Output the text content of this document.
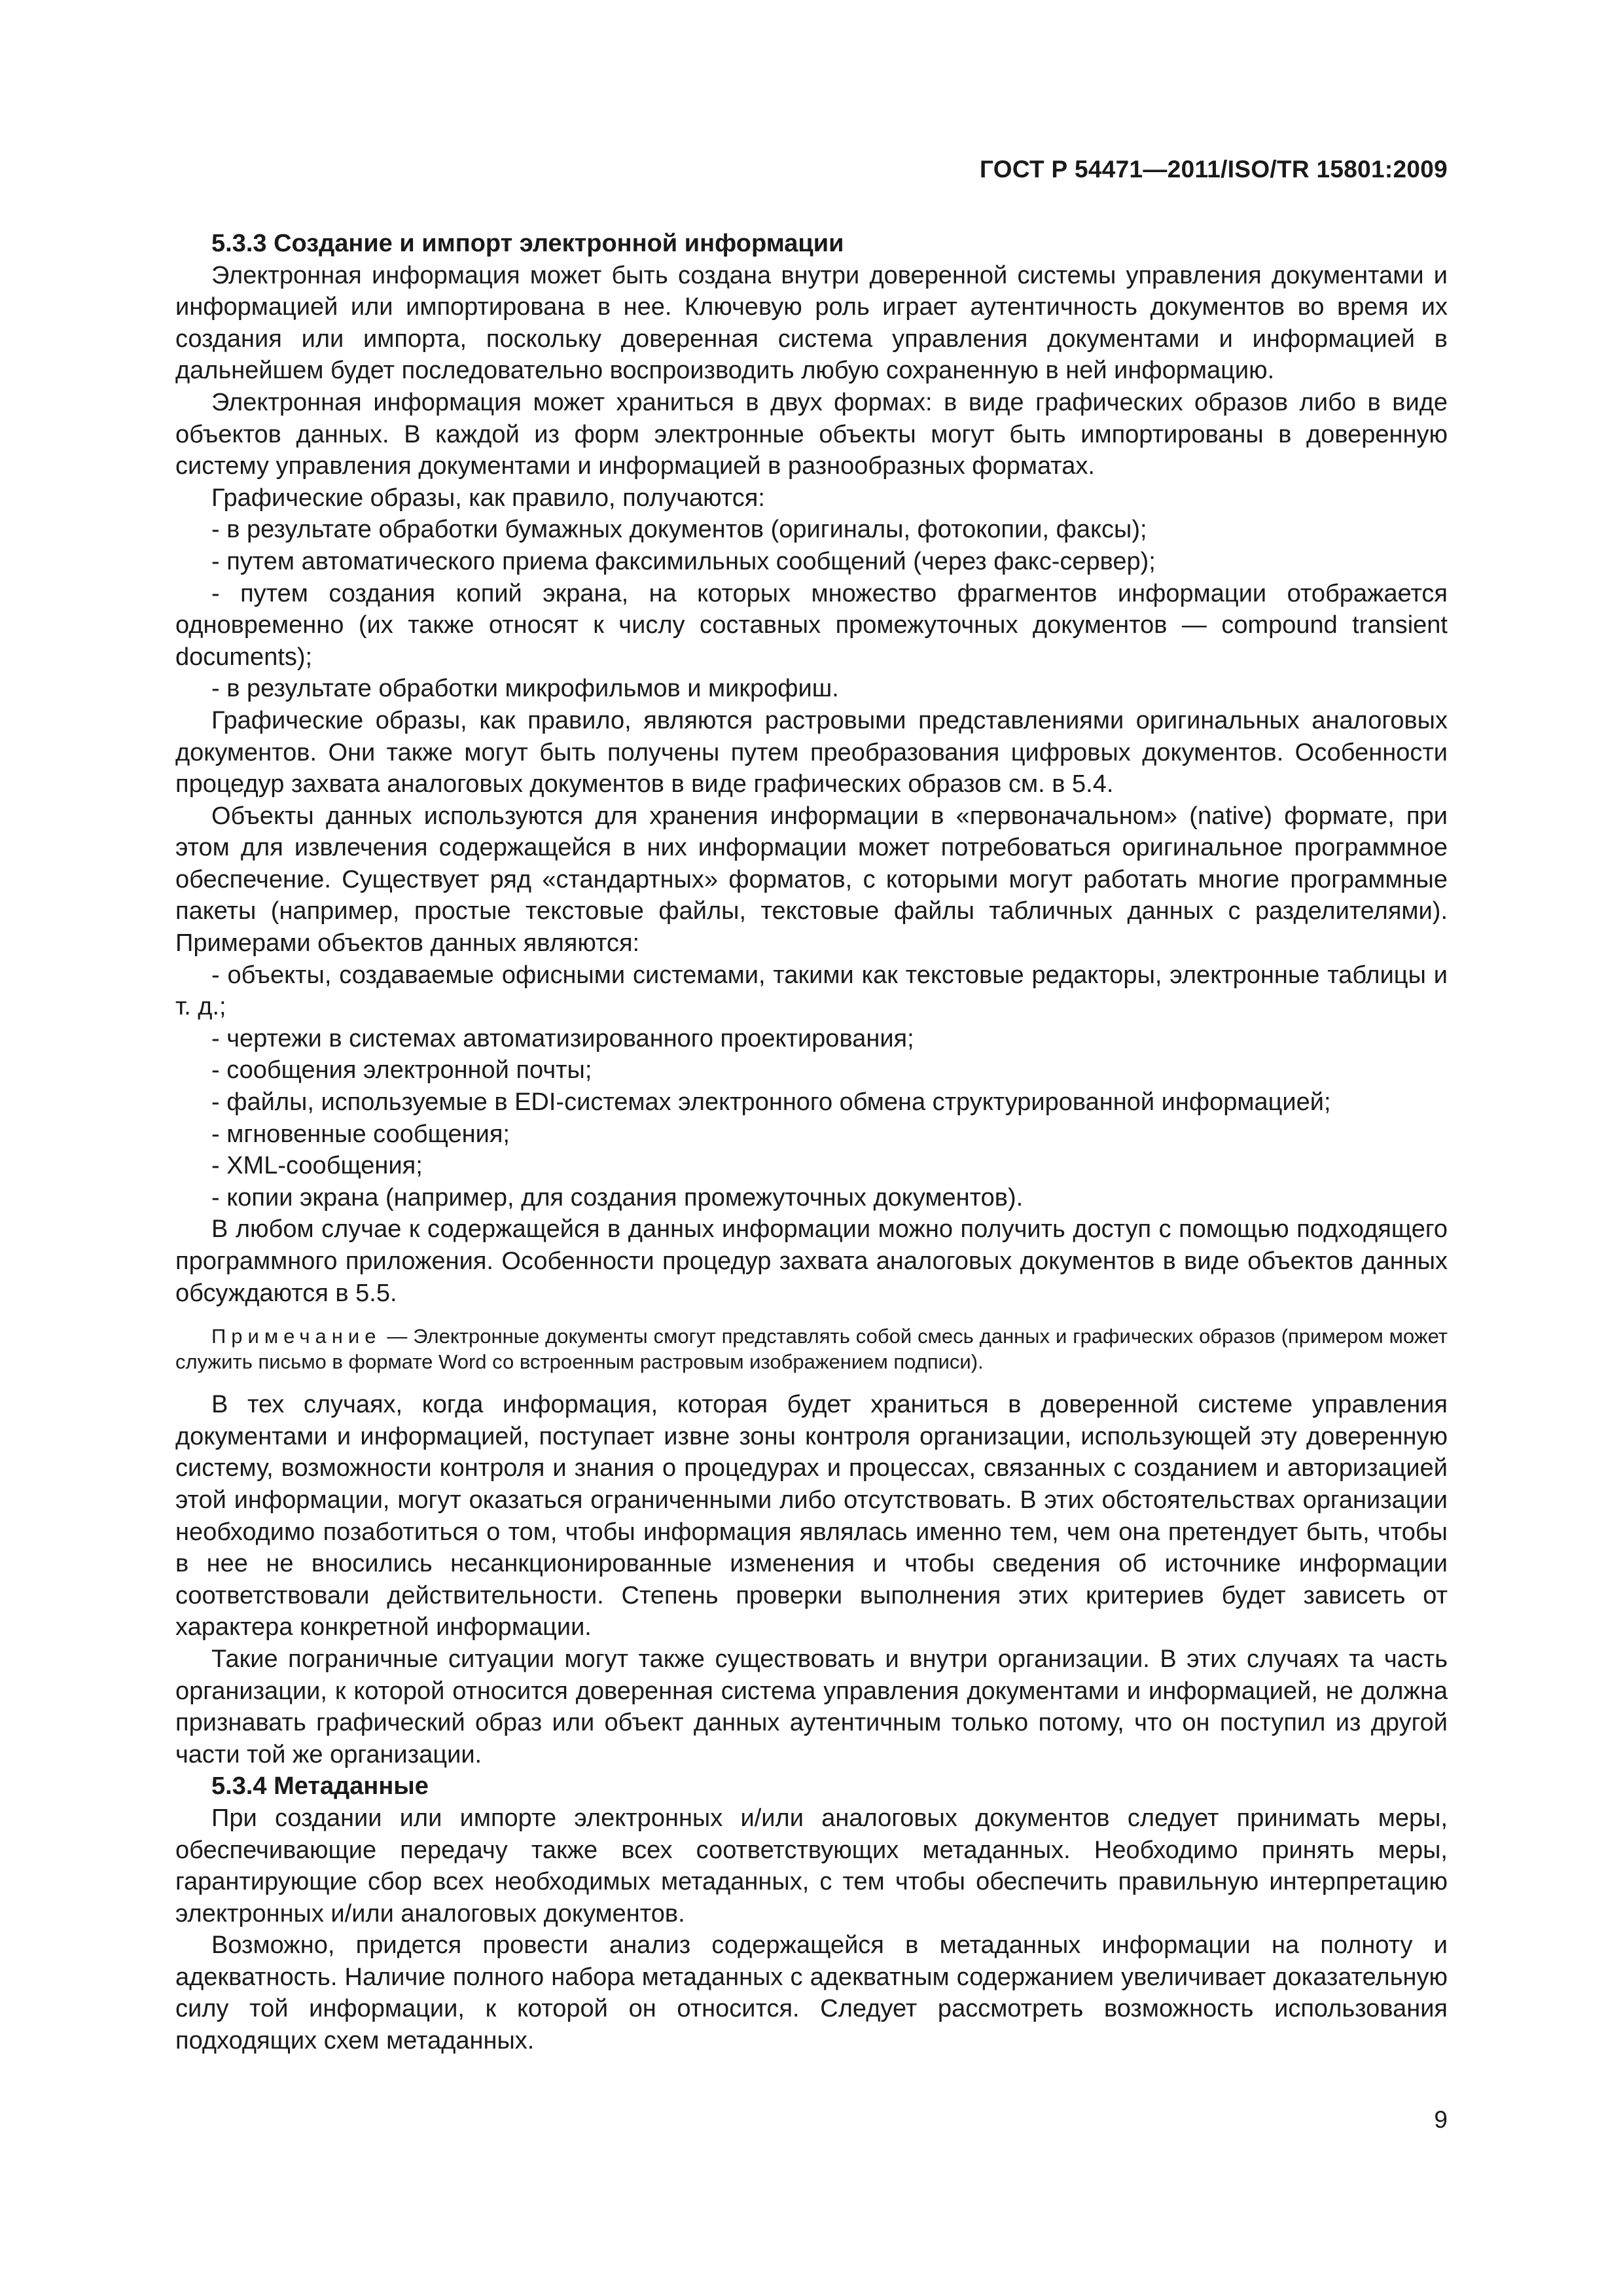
ГОСТ Р 54471—2011/ISO/TR 15801:2009
5.3.3 Создание и импорт электронной информации

Электронная информация может быть создана внутри доверенной системы управления документами и информацией или импортирована в нее. Ключевую роль играет аутентичность документов во время их создания или импорта, поскольку доверенная система управления документами и информацией в дальнейшем будет последовательно воспроизводить любую сохраненную в ней информацию.

Электронная информация может храниться в двух формах: в виде графических образов либо в виде объектов данных. В каждой из форм электронные объекты могут быть импортированы в доверенную систему управления документами и информацией в разнообразных форматах.

Графические образы, как правило, получаются:

- в результате обработки бумажных документов (оригиналы, фотокопии, факсы);

- путем автоматического приема факсимильных сообщений (через факс-сервер);

- путем создания копий экрана, на которых множество фрагментов информации отображается одновременно (их также относят к числу составных промежуточных документов — compound transient documents);

- в результате обработки микрофильмов и микрофиш.

Графические образы, как правило, являются растровыми представлениями оригинальных аналоговых документов. Они также могут быть получены путем преобразования цифровых документов. Особенности процедур захвата аналоговых документов в виде графических образов см. в 5.4.

Объекты данных используются для хранения информации в «первоначальном» (native) формате, при этом для извлечения содержащейся в них информации может потребоваться оригинальное программное обеспечение. Существует ряд «стандартных» форматов, с которыми могут работать многие программные пакеты (например, простые текстовые файлы, текстовые файлы табличных данных с разделителями). Примерами объектов данных являются:

- объекты, создаваемые офисными системами, такими как текстовые редакторы, электронные таблицы и т. д.;

- чертежи в системах автоматизированного проектирования;

- сообщения электронной почты;

- файлы, используемые в EDI-системах электронного обмена структурированной информацией;

- мгновенные сообщения;

- XML-сообщения;

- копии экрана (например, для создания промежуточных документов).

В любом случае к содержащейся в данных информации можно получить доступ с помощью подходящего программного приложения. Особенности процедур захвата аналоговых документов в виде объектов данных обсуждаются в 5.5.

Примечание — Электронные документы смогут представлять собой смесь данных и графических образов (примером может служить письмо в формате Word со встроенным растровым изображением подписи).

В тех случаях, когда информация, которая будет храниться в доверенной системе управления документами и информацией, поступает извне зоны контроля организации, использующей эту доверенную систему, возможности контроля и знания о процедурах и процессах, связанных с созданием и авторизацией этой информации, могут оказаться ограниченными либо отсутствовать. В этих обстоятельствах организации необходимо позаботиться о том, чтобы информация являлась именно тем, чем она претендует быть, чтобы в нее не вносились несанкционированные изменения и чтобы сведения об источнике информации соответствовали действительности. Степень проверки выполнения этих критериев будет зависеть от характера конкретной информации.

Такие пограничные ситуации могут также существовать и внутри организации. В этих случаях та часть организации, к которой относится доверенная система управления документами и информацией, не должна признавать графический образ или объект данных аутентичным только потому, что он поступил из другой части той же организации.

5.3.4 Метаданные

При создании или импорте электронных и/или аналоговых документов следует принимать меры, обеспечивающие передачу также всех соответствующих метаданных. Необходимо принять меры, гарантирующие сбор всех необходимых метаданных, с тем чтобы обеспечить правильную интерпретацию электронных и/или аналоговых документов.

Возможно, придется провести анализ содержащейся в метаданных информации на полноту и адекватность. Наличие полного набора метаданных с адекватным содержанием увеличивает доказательную силу той информации, к которой он относится. Следует рассмотреть возможность использования подходящих схем метаданных.

9
